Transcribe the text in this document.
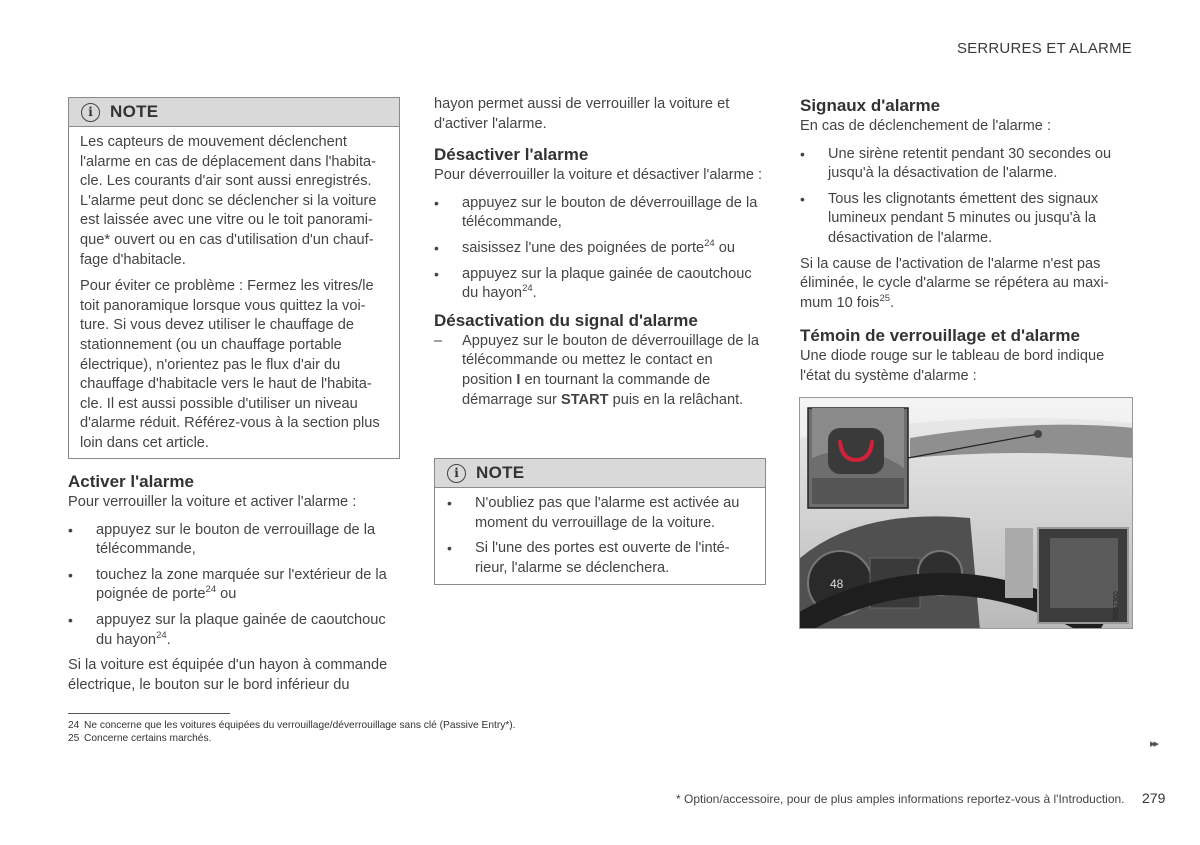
SERRURES ET ALARME
i	NOTE

Les capteurs de mouvement déclenchent l'alarme en cas de déplacement dans l'habita-cle. Les courants d'air sont aussi enregistrés. L'alarme peut donc se déclencher si la voiture est laissée avec une vitre ou le toit panorami-que* ouvert ou en cas d'utilisation d'un chauf-fage d'habitacle.

Pour éviter ce problème : Fermez les vitres/le toit panoramique lorsque vous quittez la voi-ture. Si vous devez utiliser le chauffage de stationnement (ou un chauffage portable électrique), n'orientez pas le flux d'air du chauffage d'habitacle vers le haut de l'habita-cle. Il est aussi possible d'utiliser un niveau d'alarme réduit. Référez-vous à la section plus loin dans cet article.

Activer l'alarme

Pour verrouiller la voiture et activer l'alarme :

• appuyez sur le bouton de verrouillage de la télécommande,
• touchez la zone marquée sur l'extérieur de la poignée de porte$^{24}$ ou
• appuyez sur la plaque gainée de caoutchouc du hayon$^{24}$.

Si la voiture est équipée d'un hayon à commande électrique, le bouton sur le bord inférieur du

hayon permet aussi de verrouiller la voiture et d'activer l'alarme.

Désactiver l'alarme

Pour déverrouiller la voiture et désactiver l'alarme :

• appuyez sur le bouton de déverrouillage de la télécommande,
• saisissez l'une des poignées de porte$^{24}$ ou
• appuyez sur la plaque gainée de caoutchouc du hayon$^{24}$.
Désactivation du signal d'alarme
– Appuyez sur le bouton de déverrouillage de la télécommande ou mettez le contact en position I en tournant la commande de démarrage sur START puis en la relâchant.
i	NOTE
• N'oubliez pas que l'alarme est activée au moment du verrouillage de la voiture.
• Si l'une des portes est ouverte de l'inté-rieur, l'alarme se déclenchera.
Signaux d'alarme

En cas de déclenchement de l'alarme :

• Une sirène retentit pendant 30 secondes ou jusqu'à la désactivation de l'alarme.
• Tous les clignotants émettent des signaux lumineux pendant 5 minutes ou jusqu'à la désactivation de l'alarme.

Si la cause de l'activation de l'alarme n'est pas éliminée, le cycle d'alarme se répétera au maxi-mum 10 fois$^{25}$.

Témoin de verrouillage et d'alarme

Une diode rouge sur le tableau de bord indique l'état du système d'alarme :

48
G052360
24 Ne concerne que les voitures équipées du verrouillage/déverrouillage sans clé (Passive Entry*).
25 Concerne certains marchés.	▸▸
* Option/accessoire, pour de plus amples informations reportez-vous à l'Introduction. 279
